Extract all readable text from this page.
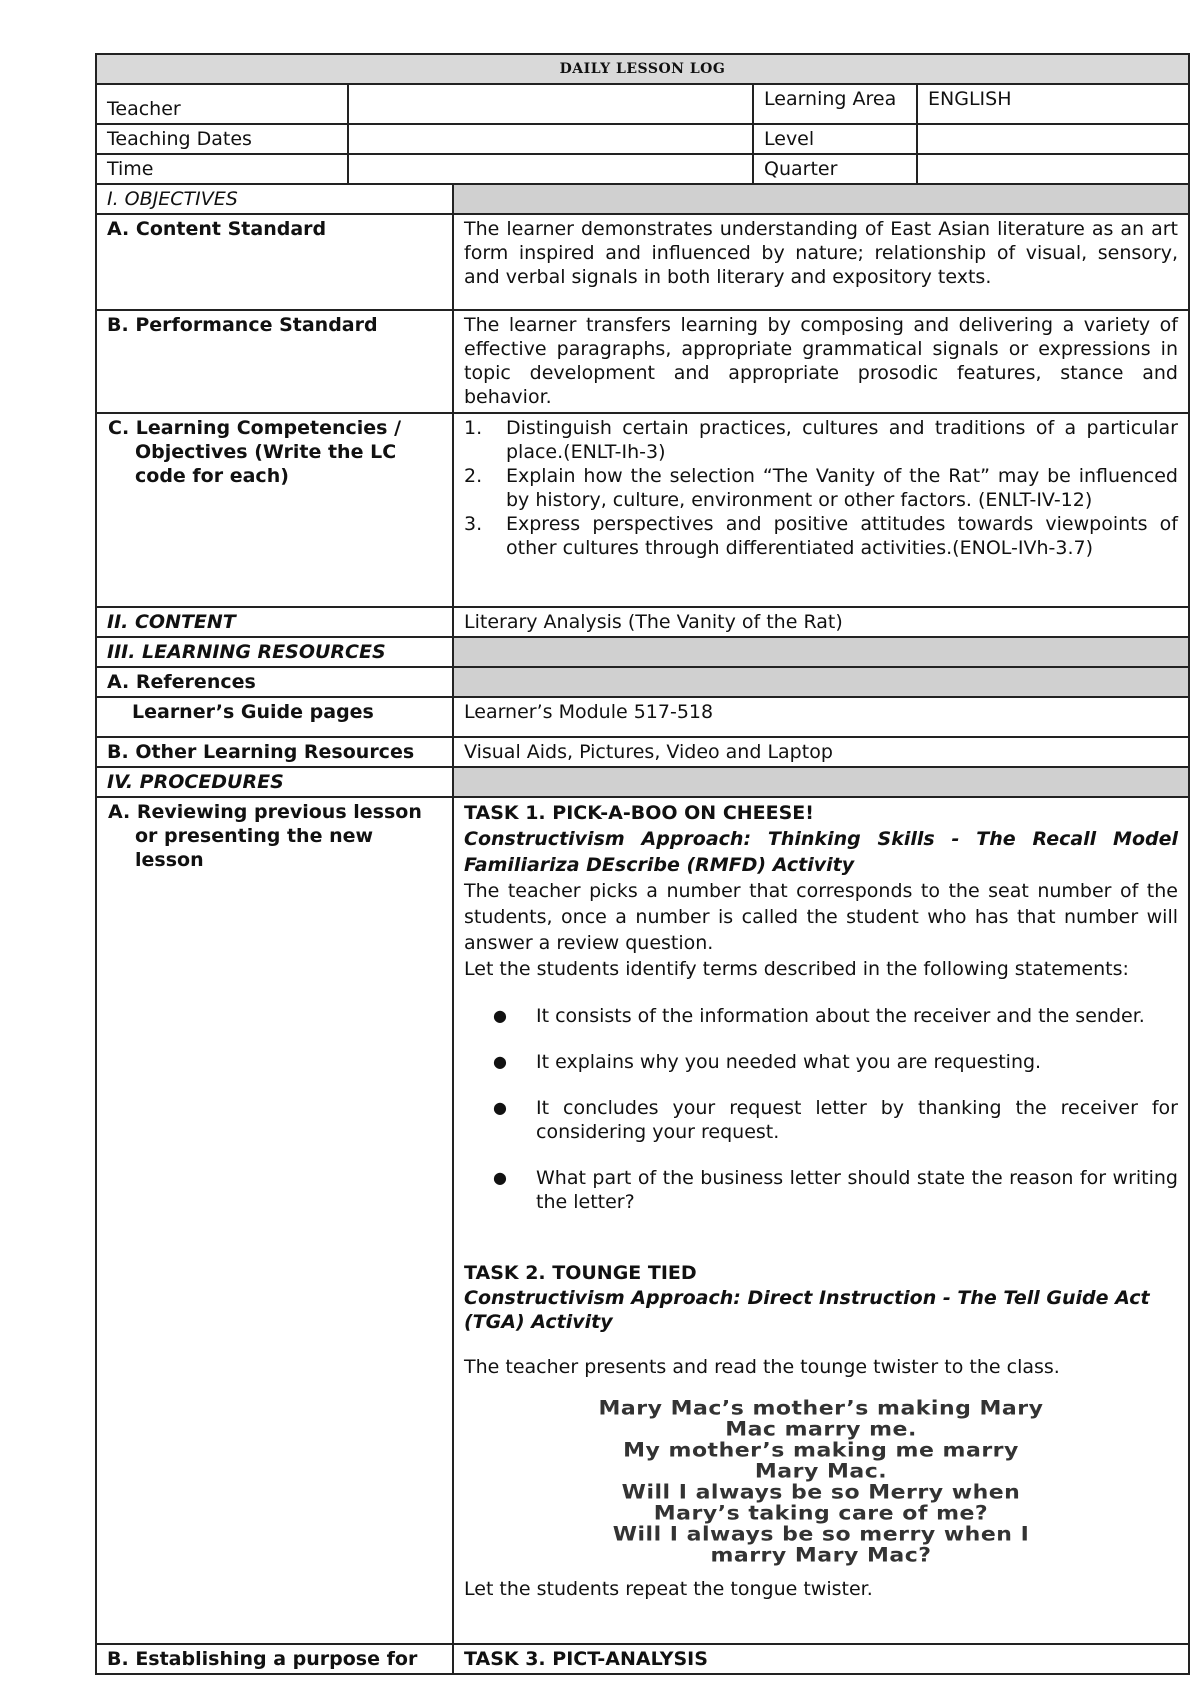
DAILY LESSON LOG
Teacher	Learning Area	ENGLISH
Teaching Dates	Level
Time	Quarter
I. OBJECTIVES
A. Content Standard	The learner demonstrates understanding of East Asian literature as an art form inspired and influenced by nature; relationship of visual, sensory, and verbal signals in both literary and expository texts.
B. Performance Standard	The learner transfers learning by composing and delivering a variety of effective paragraphs, appropriate grammatical signals or expressions in topic development and appropriate prosodic features, stance and behavior.
C. Learning Competencies / Objectives (Write the LC code for each)
1.	Distinguish certain practices, cultures and traditions of a particular place.(ENLT-Ih-3)
2.	Explain how the selection “The Vanity of the Rat” may be influenced by history, culture, environment or other factors. (ENLT-IV-12)
3.	Express perspectives and positive attitudes towards viewpoints of other cultures through differentiated activities.(ENOL-IVh-3.7)
II. CONTENT	Literary Analysis (The Vanity of the Rat)
III. LEARNING RESOURCES
A. References
Learner’s Guide pages	Learner’s Module 517-518
B. Other Learning Resources	Visual Aids, Pictures, Video and Laptop
IV. PROCEDURES
A. Reviewing previous lesson or presenting the new lesson
TASK 1. PICK-A-BOO ON CHEESE!
Constructivism Approach: Thinking Skills - The Recall Model Familiariza DEscribe (RMFD) Activity
The teacher picks a number that corresponds to the seat number of the students, once a number is called the student who has that number will answer a review question.
Let the students identify terms described in the following statements:
●	It consists of the information about the receiver and the sender.
●	It explains why you needed what you are requesting.
●	It concludes your request letter by thanking the receiver for considering your request.
●	What part of the business letter should state the reason for writing the letter?
TASK 2. TOUNGE TIED
Constructivism Approach: Direct Instruction - The Tell Guide Act (TGA) Activity
The teacher presents and read the tounge twister to the class.
Mary Mac’s mother’s making Mary
Mac marry me.
My mother’s making me marry
Mary Mac.
Will I always be so Merry when
Mary’s taking care of me?
Will I always be so merry when I
marry Mary Mac?
Let the students repeat the tongue twister.
B. Establishing a purpose for	TASK 3. PICT-ANALYSIS
